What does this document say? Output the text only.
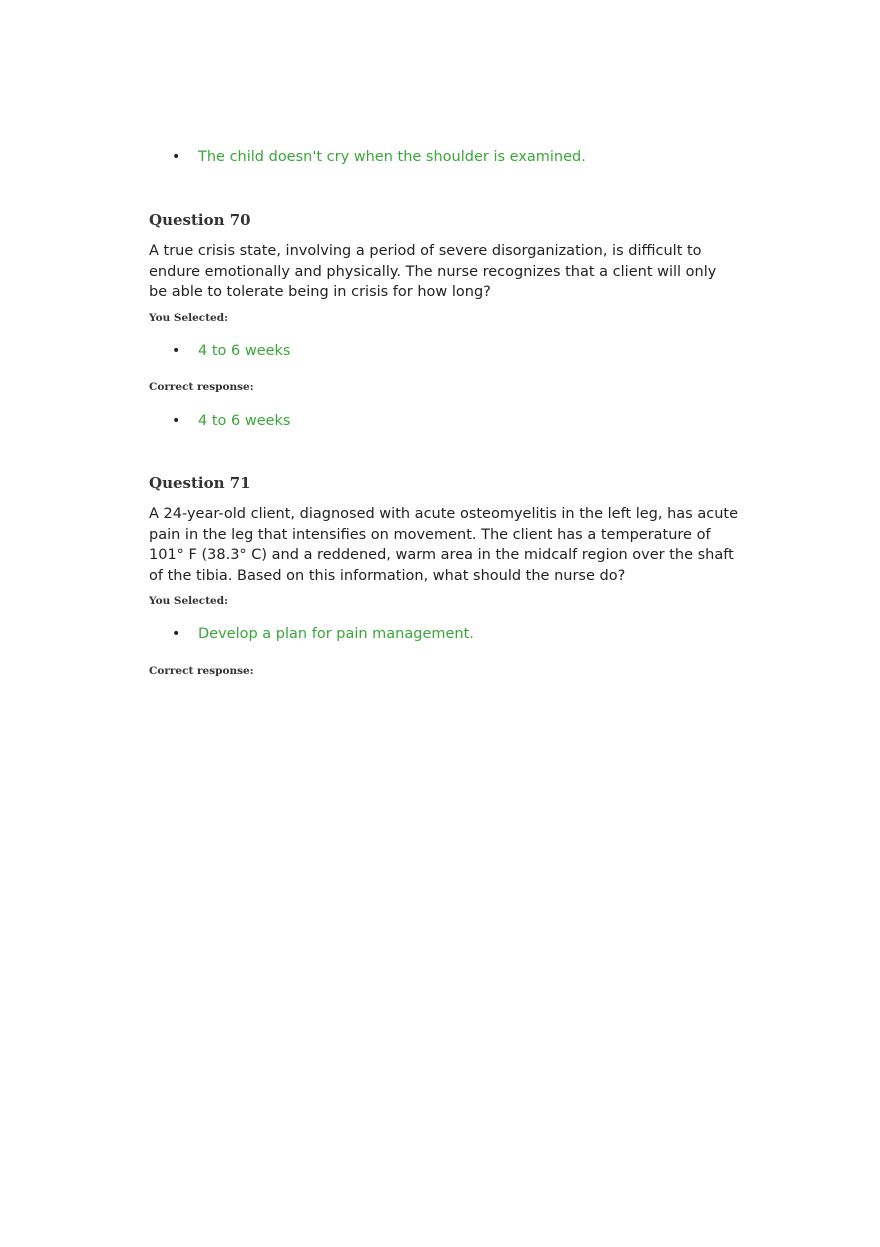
•	The child doesn't cry when the shoulder is examined.

Question 70

A true crisis state, involving a period of severe disorganization, is difficult to endure emotionally and physically. The nurse recognizes that a client will only be able to tolerate being in crisis for how long?

You Selected:

•	4 to 6 weeks

Correct response:

•	4 to 6 weeks

Question 71

A 24-year-old client, diagnosed with acute osteomyelitis in the left leg, has acute pain in the leg that intensifies on movement. The client has a temperature of 101° F (38.3° C) and a reddened, warm area in the midcalf region over the shaft of the tibia. Based on this information, what should the nurse do?

You Selected:

•	Develop a plan for pain management.

Correct response:
